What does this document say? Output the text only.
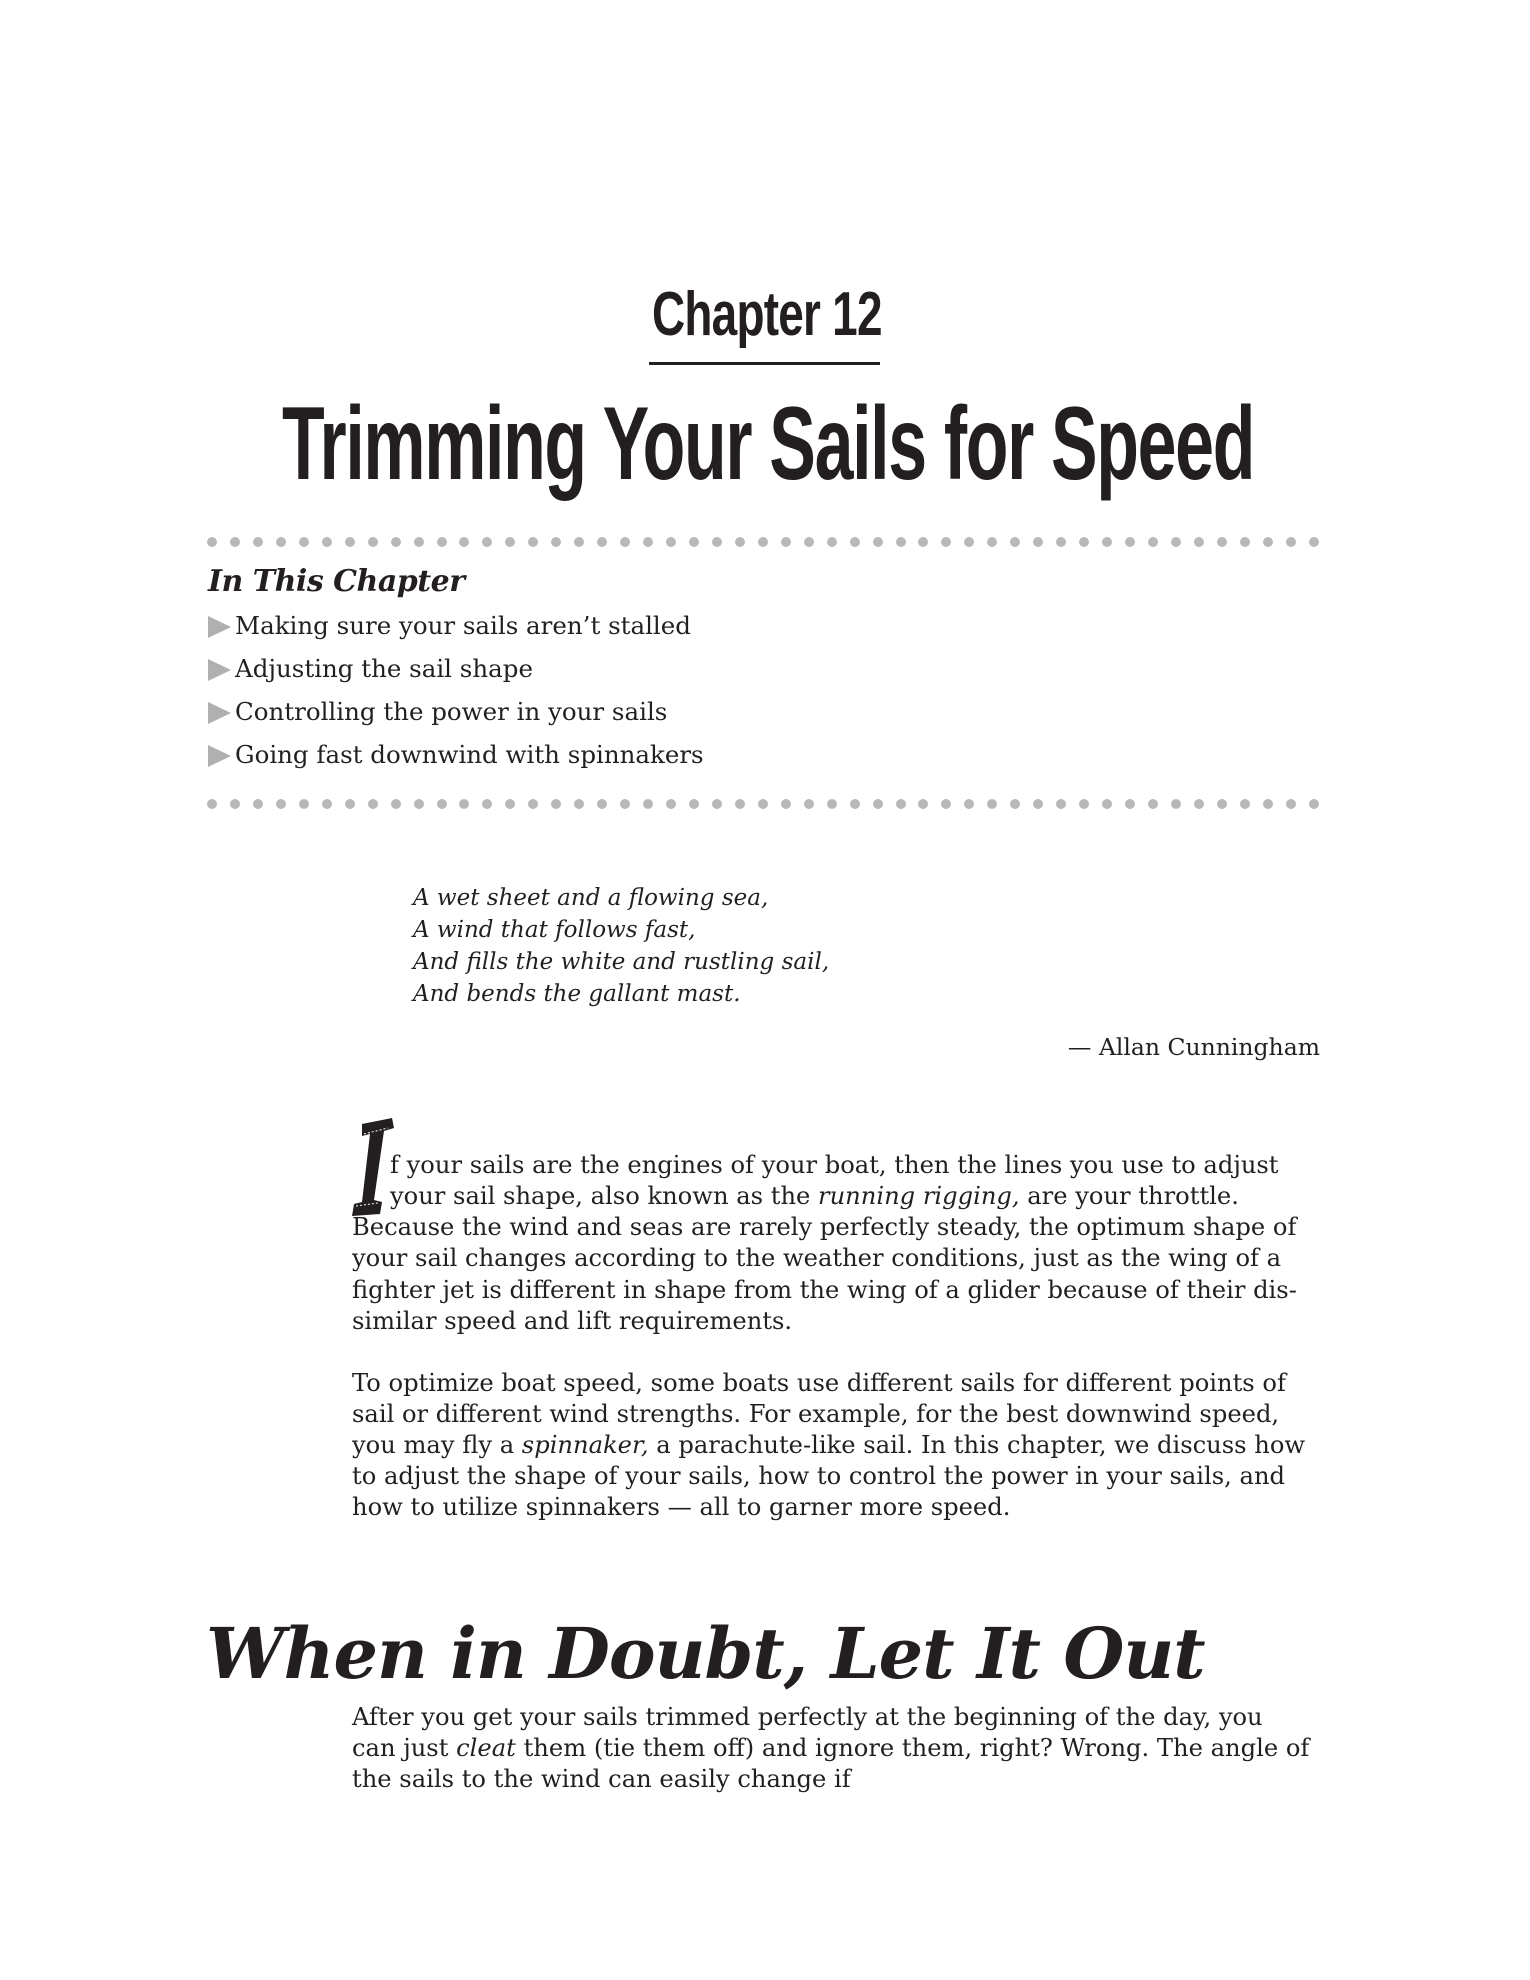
Chapter 12
Trimming Your Sails for Speed
In This Chapter
Making sure your sails aren’t stalled
Adjusting the sail shape
Controlling the power in your sails
Going fast downwind with spinnakers
A wet sheet and a flowing sea,
A wind that follows fast,
And fills the white and rustling sail,
And bends the gallant mast.
— Allan Cunningham
f your sails are the engines of your boat, then the lines you use to adjust
your sail shape, also known as the running rigging, are your throttle.
Because the wind and seas are rarely perfectly steady, the optimum shape of
your sail changes according to the weather conditions, just as the wing of a
fighter jet is different in shape from the wing of a glider because of their dis-
similar speed and lift requirements.
To optimize boat speed, some boats use different sails for different points of
sail or different wind strengths. For example, for the best downwind speed,
you may fly a spinnaker, a parachute-like sail. In this chapter, we discuss how
to adjust the shape of your sails, how to control the power in your sails, and
how to utilize spinnakers — all to garner more speed.
When in Doubt, Let It Out
After you get your sails trimmed perfectly at the beginning of the day, you
can just cleat them (tie them off) and ignore them, right? Wrong. The angle of
the sails to the wind can easily change if
